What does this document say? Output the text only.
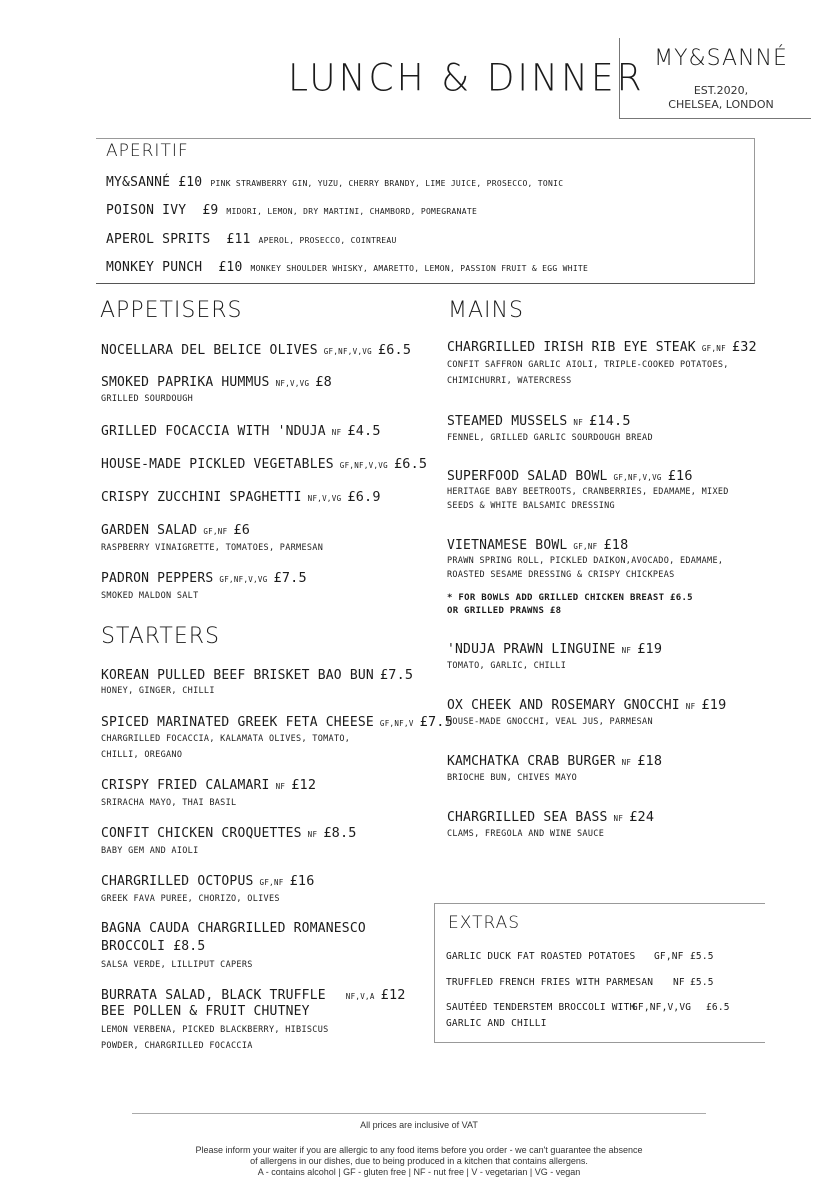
LUNCH & DINNER MY&SANNÉ
EST.2020,
CHELSEA, LONDON
APERITIF
MY&SANNÉ £10 PINK STRAWBERRY GIN, YUZU, CHERRY BRANDY, LIME JUICE, PROSECCO, TONIC
POISON IVY £9 MIDORI, LEMON, DRY MARTINI, CHAMBORD, POMEGRANATE
APEROL SPRITS £11 APEROL, PROSECCO, COINTREAU
MONKEY PUNCH £10 MONKEY SHOULDER WHISKY, AMARETTO, LEMON, PASSION FRUIT & EGG WHITE
APPETISERS
NOCELLARA DEL BELICE OLIVES GF,NF,V,VG £6.5
SMOKED PAPRIKA HUMMUS NF,V,VG £8
GRILLED SOURDOUGH
GRILLED FOCACCIA WITH 'NDUJA NF £4.5
HOUSE-MADE PICKLED VEGETABLES GF,NF,V,VG £6.5
CRISPY ZUCCHINI SPAGHETTI NF,V,VG £6.9
GARDEN SALAD GF,NF £6
RASPBERRY VINAIGRETTE, TOMATOES, PARMESAN
PADRON PEPPERS GF,NF,V,VG £7.5
SMOKED MALDON SALT
STARTERS
KOREAN PULLED BEEF BRISKET BAO BUN £7.5
HONEY, GINGER, CHILLI
SPICED MARINATED GREEK FETA CHEESE GF,NF,V £7.5
CHARGRILLED FOCACCIA, KALAMATA OLIVES, TOMATO,
CHILLI, OREGANO
CRISPY FRIED CALAMARI NF £12
SRIRACHA MAYO, THAI BASIL
CONFIT CHICKEN CROQUETTES NF £8.5
BABY GEM AND AIOLI
CHARGRILLED OCTOPUS GF,NF £16
GREEK FAVA PUREE, CHORIZO, OLIVES
BAGNA CAUDA CHARGRILLED ROMANESCO
BROCCOLI £8.5
SALSA VERDE, LILLIPUT CAPERS
BURRATA SALAD, BLACK TRUFFLE	NF,V,A £12
BEE POLLEN & FRUIT CHUTNEY
LEMON VERBENA, PICKED BLACKBERRY, HIBISCUS
POWDER, CHARGRILLED FOCACCIA
MAINS
CHARGRILLED IRISH RIB EYE STEAK GF,NF £32
CONFIT SAFFRON GARLIC AIOLI, TRIPLE-COOKED POTATOES,
CHIMICHURRI, WATERCRESS
STEAMED MUSSELS NF £14.5
FENNEL, GRILLED GARLIC SOURDOUGH BREAD
SUPERFOOD SALAD BOWL GF,NF,V,VG £16
HERITAGE BABY BEETROOTS, CRANBERRIES, EDAMAME, MIXED
SEEDS & WHITE BALSAMIC DRESSING
VIETNAMESE BOWL GF,NF £18
PRAWN SPRING ROLL, PICKLED DAIKON,AVOCADO, EDAMAME,
ROASTED SESAME DRESSING & CRISPY CHICKPEAS
* FOR BOWLS ADD GRILLED CHICKEN BREAST £6.5
OR GRILLED PRAWNS £8
'NDUJA PRAWN LINGUINE NF £19
TOMATO, GARLIC, CHILLI
OX CHEEK AND ROSEMARY GNOCCHI NF £19
HOUSE-MADE GNOCCHI, VEAL JUS, PARMESAN
KAMCHATKA CRAB BURGER NF £18
BRIOCHE BUN, CHIVES MAYO
CHARGRILLED SEA BASS NF £24
CLAMS, FREGOLA AND WINE SAUCE
EXTRAS
GARLIC DUCK FAT ROASTED POTATOES GF,NF £5.5
TRUFFLED FRENCH FRIES WITH PARMESAN NF £5.5
SAUTÉED TENDERSTEM BROCCOLI WITH
GF,NF,V,VG £6.5
GARLIC AND CHILLI
All prices are inclusive of VAT
Please inform your waiter if you are allergic to any food items before you order - we can't guarantee the absence
of allergens in our dishes, due to being produced in a kitchen that contains allergens.
A - contains alcohol | GF - gluten free | NF - nut free | V - vegetarian | VG - vegan
